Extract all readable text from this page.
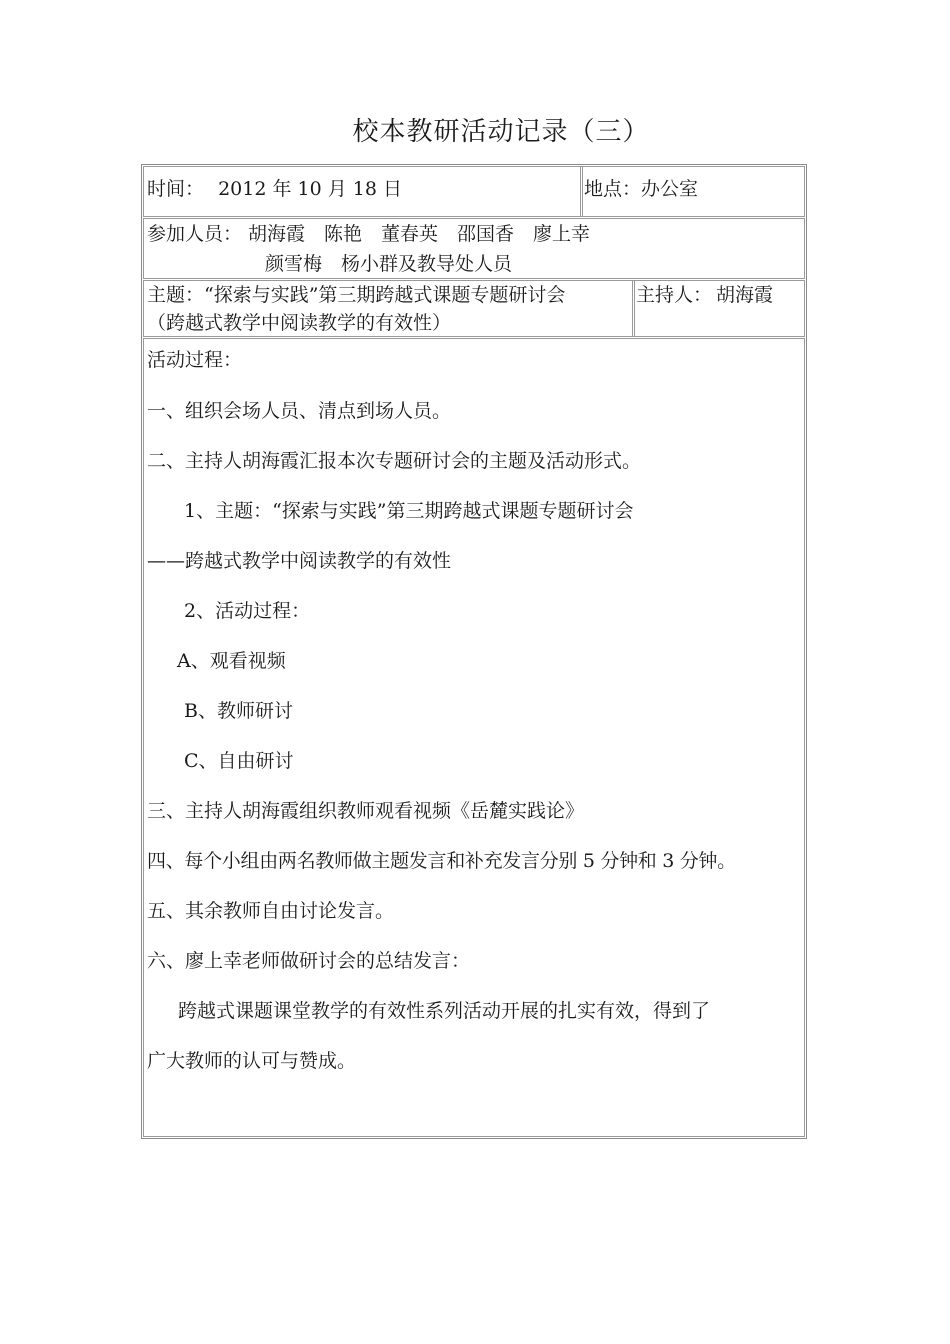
校本教研活动记录（三）
时间： 2012 年 10 月 18 日	地点：办公室
参加人员： 胡海霞　陈艳　董春英　邵国香　廖上幸
颜雪梅　杨小群及教导处人员
主题：“探索与实践”第三期跨越式课题专题研讨会
（跨越式教学中阅读教学的有效性）
主持人： 胡海霞
活动过程：
一、组织会场人员、清点到场人员。
二、主持人胡海霞汇报本次专题研讨会的主题及活动形式。
1、主题：“探索与实践”第三期跨越式课题专题研讨会
——跨越式教学中阅读教学的有效性
2、活动过程：
A、观看视频
B、教师研讨
C、自由研讨
三、主持人胡海霞组织教师观看视频《岳麓实践论》
四、每个小组由两名教师做主题发言和补充发言分别 5 分钟和 3 分钟。
五、其余教师自由讨论发言。
六、廖上幸老师做研讨会的总结发言：
跨越式课题课堂教学的有效性系列活动开展的扎实有效，得到了
广大教师的认可与赞成。
